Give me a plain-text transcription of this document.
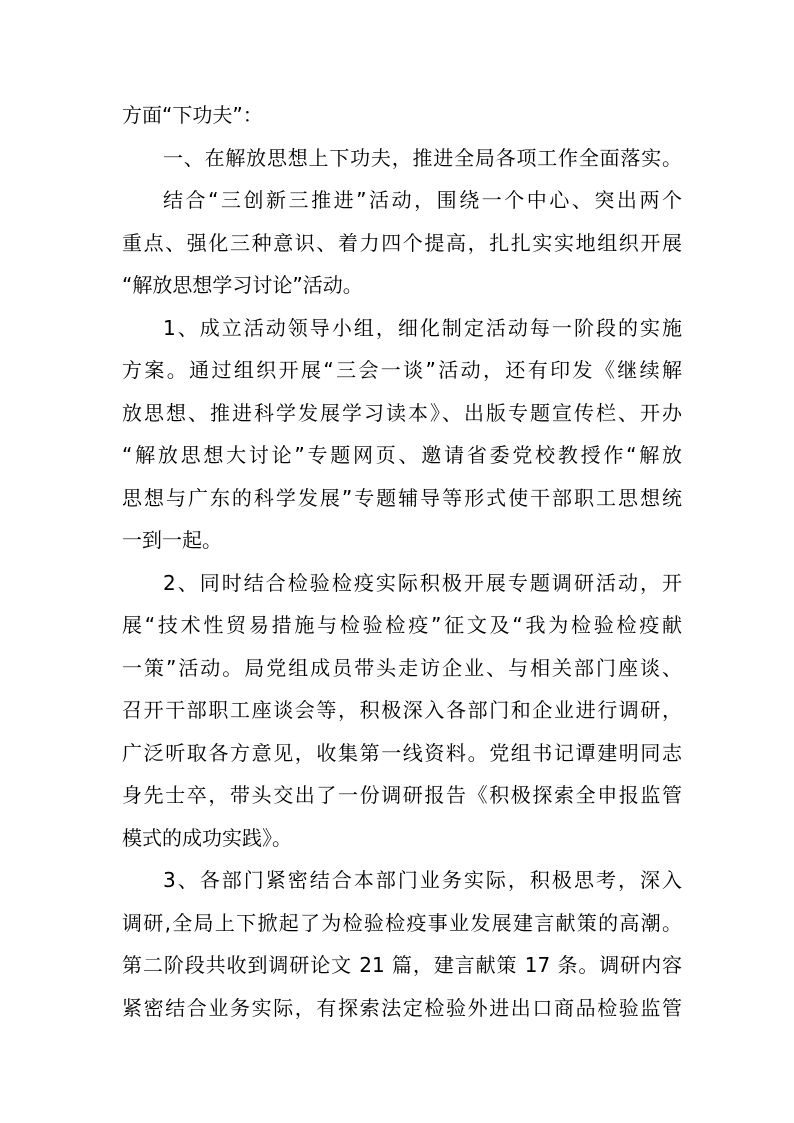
方面“下功夫”：
一、在解放思想上下功夫，推进全局各项工作全面落实。
结合“三创新三推进”活动，围绕一个中心、突出两个
重点、强化三种意识、着力四个提高，扎扎实实地组织开展
“解放思想学习讨论”活动。
1、成立活动领导小组，细化制定活动每一阶段的实施
方案。通过组织开展“三会一谈”活动，还有印发《继续解
放思想、推进科学发展学习读本》、出版专题宣传栏、开办
“解放思想大讨论”专题网页、邀请省委党校教授作“解放
思想与广东的科学发展”专题辅导等形式使干部职工思想统
一到一起。
2、同时结合检验检疫实际积极开展专题调研活动，开
展“技术性贸易措施与检验检疫”征文及“我为检验检疫献
一策”活动。局党组成员带头走访企业、与相关部门座谈、
召开干部职工座谈会等，积极深入各部门和企业进行调研，
广泛听取各方意见，收集第一线资料。党组书记谭建明同志
身先士卒，带头交出了一份调研报告《积极探索全申报监管
模式的成功实践》。
3、各部门紧密结合本部门业务实际，积极思考，深入
调研,全局上下掀起了为检验检疫事业发展建言献策的高潮。
第二阶段共收到调研论文 21 篇，建言献策 17 条。调研内容
紧密结合业务实际，有探索法定检验外进出口商品检验监管
